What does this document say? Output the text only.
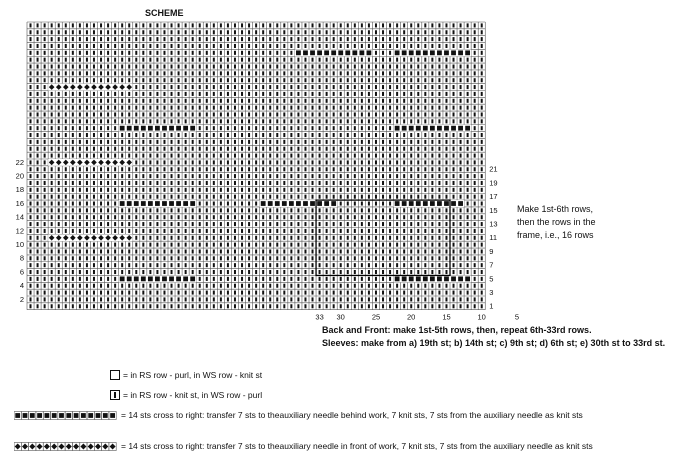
SCHEME
22
20
18
16
14
12
10
8
6
4
2
21
19
17
15
13
11
9
7
5
3
1
33 30	25	20	15	10	5
Make 1st-6th rows,
then the rows in the
frame, i.e., 16 rows
Back and Front: make 1st-5th rows, then, repeat 6th-33rd rows.
Sleeves: make from a) 19th st; b) 14th st; c) 9th st; d) 6th st; e) 30th st to 33rd st.
= in RS row - purl, in WS row - knit st
= in RS row - knit st, in WS row - purl
= 14 sts cross to right: transfer 7 sts to theauxiliary needle behind work, 7 knit sts, 7 sts from the auxiliary needle as knit sts
= 14 sts cross to right: transfer 7 sts to theauxiliary needle in front of work, 7 knit sts, 7 sts from the auxiliary needle as knit sts
